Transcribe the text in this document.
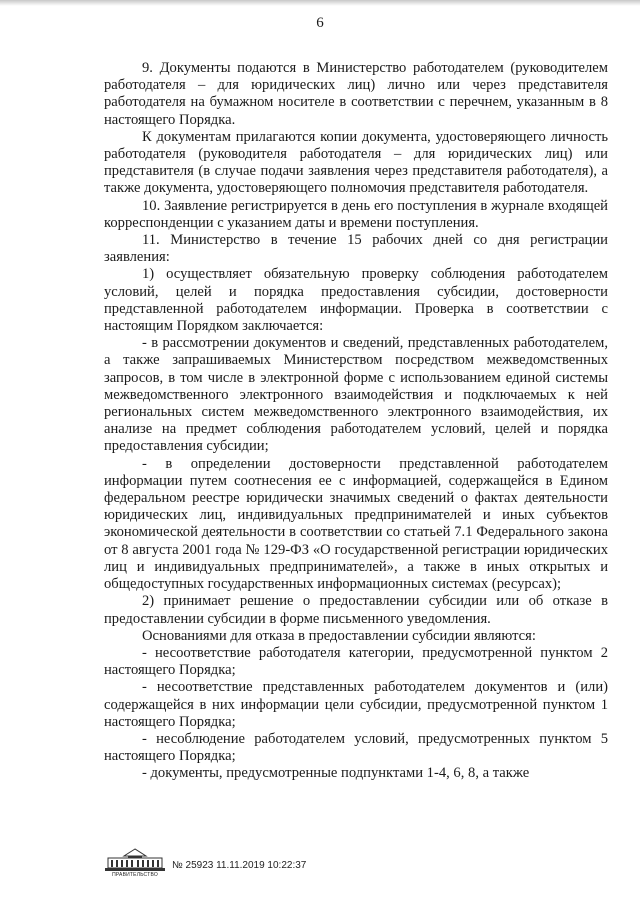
6

9. Документы подаются в Министерство работодателем (руководителем работодателя – для юридических лиц) лично или через представителя работодателя на бумажном носителе в соответствии с перечнем, указанным в 8 настоящего Порядка.

К документам прилагаются копии документа, удостоверяющего личность работодателя (руководителя работодателя – для юридических лиц) или представителя (в случае подачи заявления через представителя работодателя), а также документа, удостоверяющего полномочия представителя работодателя.

10. Заявление регистрируется в день его поступления в журнале входящей корреспонденции с указанием даты и времени поступления.

11. Министерство в течение 15 рабочих дней со дня регистрации заявления:

1) осуществляет обязательную проверку соблюдения работодателем условий, целей и порядка предоставления субсидии, достоверности представленной работодателем информации. Проверка в соответствии с настоящим Порядком заключается:

- в рассмотрении документов и сведений, представленных работодателем, а также запрашиваемых Министерством посредством межведомственных запросов, в том числе в электронной форме с использованием единой системы межведомственного электронного взаимодействия и подключаемых к ней региональных систем межведомственного электронного взаимодействия, их анализе на предмет соблюдения работодателем условий, целей и порядка предоставления субсидии;

- в определении достоверности представленной работодателем информации путем соотнесения ее с информацией, содержащейся в Едином федеральном реестре юридически значимых сведений о фактах деятельности юридических лиц, индивидуальных предпринимателей и иных субъектов экономической деятельности в соответствии со статьей 7.1 Федерального закона от 8 августа 2001 года № 129-ФЗ «О государственной регистрации юридических лиц и индивидуальных предпринимателей», а также в иных открытых и общедоступных государственных информационных системах (ресурсах);

2) принимает решение о предоставлении субсидии или об отказе в предоставлении субсидии в форме письменного уведомления.

Основаниями для отказа в предоставлении субсидии являются:

- несоответствие работодателя категории, предусмотренной пунктом 2 настоящего Порядка;

- несоответствие представленных работодателем документов и (или) содержащейся в них информации цели субсидии, предусмотренной пунктом 1 настоящего Порядка;

- несоблюдение работодателем условий, предусмотренных пунктом 5 настоящего Порядка;

- документы, предусмотренные подпунктами 1-4, 6, 8, а также

ПРАВИТЕЛЬСТВО
№ 25923 11.11.2019 10:22:37
